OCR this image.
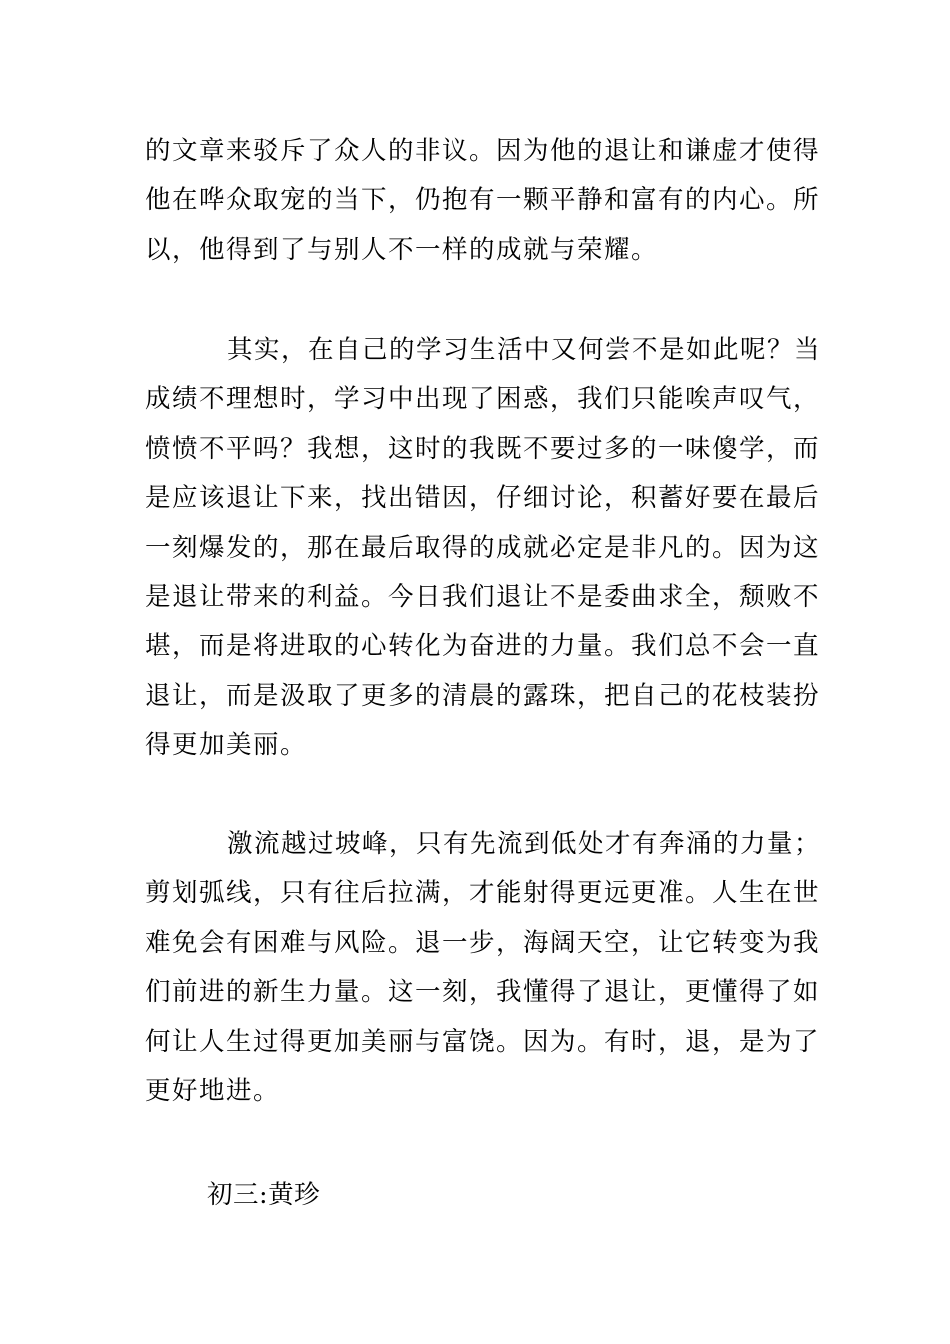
的文章来驳斥了众人的非议。因为他的退让和谦虚才使得
他在哗众取宠的当下，仍抱有一颗平静和富有的内心。所
以，他得到了与别人不一样的成就与荣耀。

其实，在自己的学习生活中又何尝不是如此呢？当
成绩不理想时，学习中出现了困惑，我们只能唉声叹气，
愤愤不平吗？我想，这时的我既不要过多的一味傻学，而
是应该退让下来，找出错因，仔细讨论，积蓄好要在最后
一刻爆发的，那在最后取得的成就必定是非凡的。因为这
是退让带来的利益。今日我们退让不是委曲求全，颓败不
堪，而是将进取的心转化为奋进的力量。我们总不会一直
退让，而是汲取了更多的清晨的露珠，把自己的花枝装扮
得更加美丽。

激流越过坡峰，只有先流到低处才有奔涌的力量；
剪划弧线，只有往后拉满，才能射得更远更准。人生在世
难免会有困难与风险。退一步，海阔天空，让它转变为我
们前进的新生力量。这一刻，我懂得了退让，更懂得了如
何让人生过得更加美丽与富饶。因为。有时，退，是为了
更好地进。

初三:黄珍
